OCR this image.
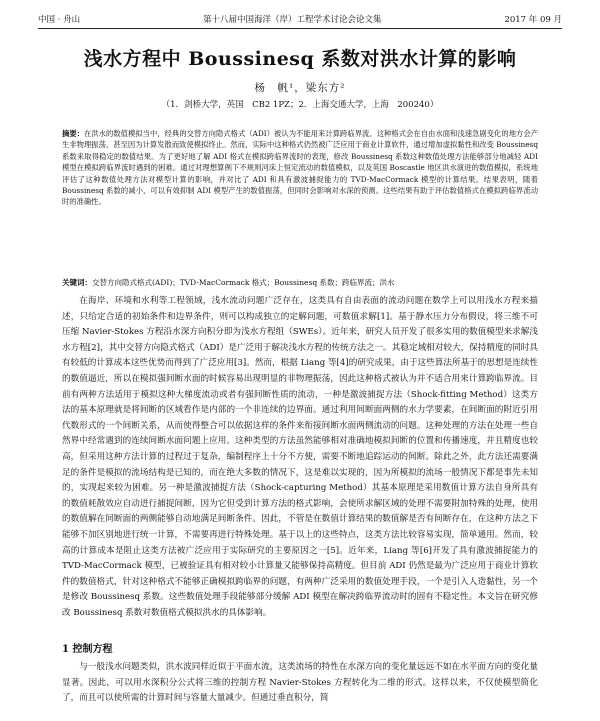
中国 · 舟山	第十八届中国海洋（岸）工程学术讨论会论文集	2017 年 09 月
浅水方程中 Boussinesq 系数对洪水计算的影响
杨　帆¹，梁东方²
（1．剑桥大学，英国　CB2 1PZ；2．上海交通大学，上海　200240）
摘要：在洪水的数值模拟当中，经典的交替方向隐式格式（ADI）被认为不能用来计算跨临界流。这种格式会在自由水面和浅速急剧变化的地方会产生非物理振荡，甚至因为计算发散而致使模拟终止。然而，实际中这种格式仍然被广泛应用于商业计算软件，通过增加虚拟黏性和改变 Boussinesq 系数来取得稳定的数值结果。为了更好地了解 ADI 格式在模拟跨临界流时的表现，修改 Boussinesq 系数这种数值处理方法能够部分地减轻 ADI 模型在模拟跨临界流时遇到的困难。通过对理想算例下不规则河床上恒定流动的数值模拟，以及英国 Boscastle 地区洪水演进的数值模拟，系统地评估了这种数值处理方法对模型计算的影响，并对比了 ADI 和具有激波捕捉能力的 TVD-MacCormack 模型的计算结果。结果表明，随着 Boussinesq 系数的减小，可以有效抑制 ADI 模型产生的数值振荡，但同时会影响对水深的预测。这些结果有助于评估数值格式在模拟跨临界流动时的准确性。
关键词：交替方向隐式格式(ADI)；TVD-MacCormack 格式；Boussinesq 系数；跨临界流；洪水

在海岸、环境和水利等工程领域，浅水流动问题广泛存在，这类具有自由表面的流动问题在数学上可以用浅水方程来描述，只给定合适的初始条件和边界条件，则可以构成独立的定解问题，可数值求解[1]。基于静水压力分布假设，将三维不可压缩 Navier-Stokes 方程沿水深方向积分即为浅水方程组（SWEs）。近年来，研究人员开发了很多实用的数值模型来求解浅水方程[2]，其中交替方向隐式格式（ADI）是广泛用于解决浅水方程的传统方法之一。其稳定域相对较大，保持精度的同时具有较低的计算成本这些优势而得到了广泛应用[3]。然而，根据 Liang 等[4]的研究成果，由于这些算法所基于的思想是连续性的数值逼近，所以在模拟强间断水面的时候容易出现明显的非物理振荡，因此这种格式被认为并不适合用来计算跨临界流。目前有两种方法适用于模拟这种大梯度流动或者有强间断性质的流动，一种是激波捕捉方法（Shock-fitting Method）这类方法的基本原理就是将间断的区域看作是内部的一个非连续的边界面。通过利用间断面两侧的水力学要素，在间断面的附近引用代数形式的一个间断关系，从而使得整合可以依据这样的条件来衔接间断水面两侧流动的问题。这种处理的方法在处理一些自然界中经常遇到的连续间断水面问题上应用。这种类型的方法虽然能够相对准确地模拟间断的位置和传播速度，并且精度也较高，但采用这种方法计算的过程过于复杂，编制程序上十分不方便，需要不断地追踪运动的间断。除此之外，此方法还需要满足的条件是模拟的流场结构是已知的，而在绝大多数的情况下，这是难以实现的，因为所模拟的流场一般情况下都是事先未知的，实现起来较为困难。另一种是激波捕捉方法（Shock-capturing Method）其基本原理是采用数值计算方法自身所具有的数值耗散效应自动进行捕捉间断，因为它但受到计算方法的格式影响，会使所求解区域的处理不需要附加特殊的处理，使用的数值解在间断面的两侧能够自动地满足间断条件。因此，不管是在数值计算结果的数值解是否有间断存在，在这种方法之下能够不加区别地进行统一计算，不需要再进行特殊处理。基于以上的这些特点，这类方法比较容易实现，简单通用。然而，较高的计算成本是阻止这类方法被广泛应用于实际研究的主要原因之一[5]。近年来，Liang 等[6]开发了具有激波捕捉能力的 TVD-MacCormack 模型，已被验证具有相对较小计算量又能够保持高精度。但目前 ADI 仍然是最为广泛应用于商业计算软件的数值格式，针对这种格式不能够正确模拟跨临界的问题，有两种广泛采用的数值处理手段，一个是引入人造黏性，另一个是修改 Boussinesq 系数。这些数值处理手段能够部分缓解 ADI 模型在解决跨临界流动时的固有不稳定性。本文旨在研究修改 Boussinesq 系数对数值格式模拟洪水的具体影响。

1 控制方程

与一般浅水问题类似，洪水波同样近似于平面水流，这类流场的特性在水深方向的变化量远远不如在水平面方向的变化量显著。因此，可以用水深积分公式将三维的控制方程 Navier-Stokes 方程转化为二维的形式。这样以来，不仅使模型简化了，而且可以使所需的计算时间与容量大量减少。但通过垂直积分，简
